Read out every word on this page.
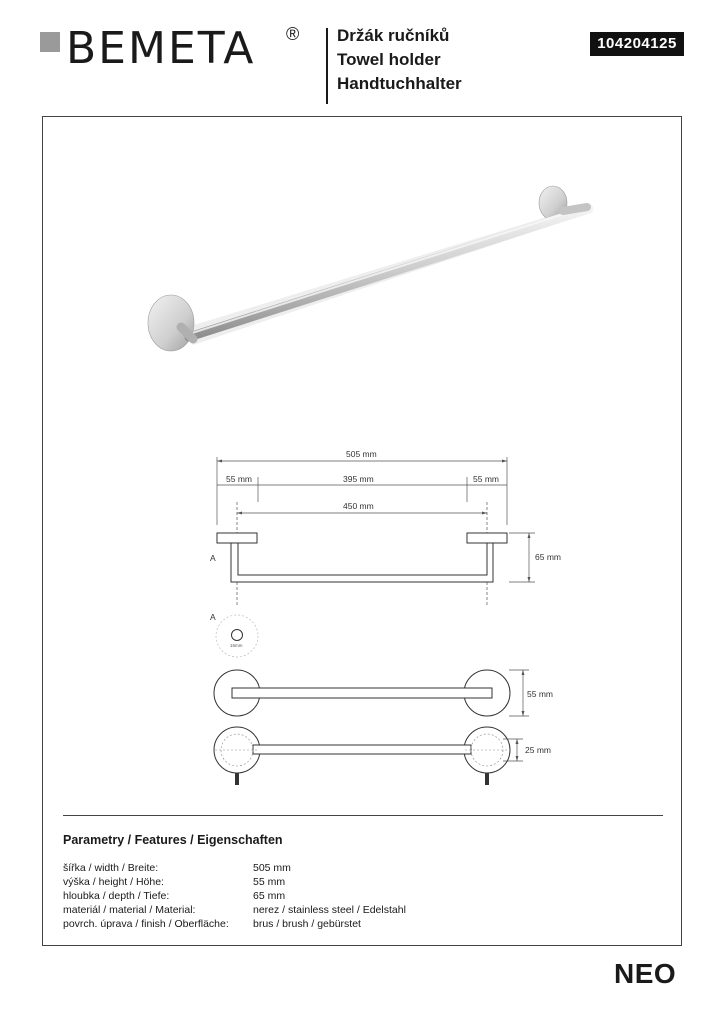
BEMETA ® Držák ručníků
Towel holder
Handtuchhalter
104204125
505 mm
55 mm	395 mm	55 mm
450 mm
65 mm
A
A
16mm
55 mm
25 mm
Parametry / Features / Eigenschaften
šířka / width / Breite:	505 mm
výška / height / Höhe:	55 mm
hloubka / depth / Tiefe:	65 mm
materiál / material / Material:	nerez / stainless steel / Edelstahl
povrch. úprava / finish / Oberfläche: brus / brush / gebürstet
NEO
